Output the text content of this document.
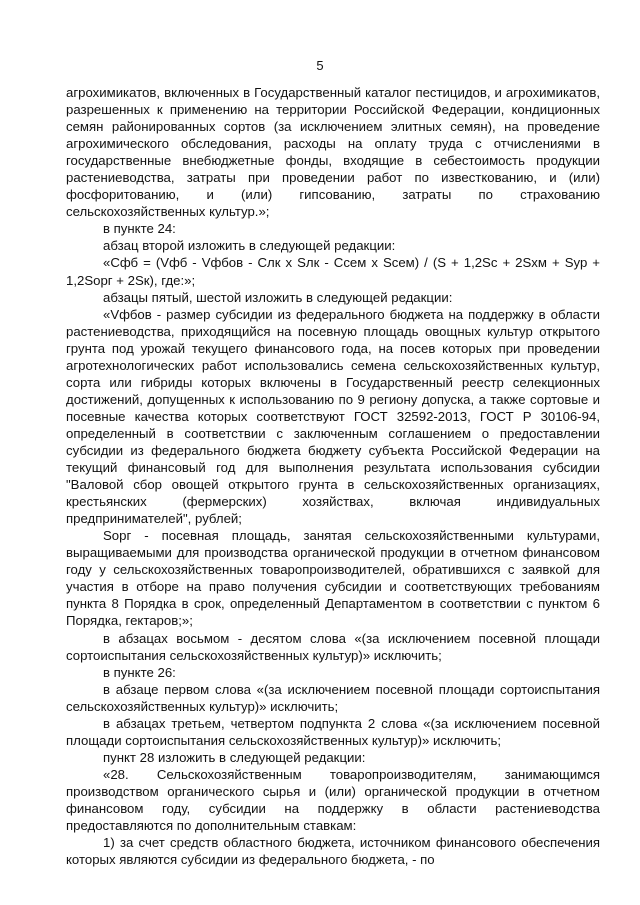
5

агрохимикатов, включенных в Государственный каталог пестицидов, и агрохимикатов, разрешенных к применению на территории Российской Федерации, кондиционных семян районированных сортов (за исключением элитных семян), на проведение агрохимического обследования, расходы на оплату труда с отчислениями в государственные внебюджетные фонды, входящие в себестоимость продукции растениеводства, затраты при проведении работ по известкованию, и (или) фосфоритованию, и (или) гипсованию, затраты по страхованию сельскохозяйственных культур.»;

в пункте 24:

абзац второй изложить в следующей редакции:

«Сфб = (Vфб - Vфбов - Слк x Sлк - Ссем x Sсем) / (S + 1,2Sс + 2Sхм + Sур + 1,2Sорг + 2Sк), где:»;

абзацы пятый, шестой изложить в следующей редакции:

«Vфбов - размер субсидии из федерального бюджета на поддержку в области растениеводства, приходящийся на посевную площадь овощных культур открытого грунта под урожай текущего финансового года, на посев которых при проведении агротехнологических работ использовались семена сельскохозяйственных культур, сорта или гибриды которых включены в Государственный реестр селекционных достижений, допущенных к использованию по 9 региону допуска, а также сортовые и посевные качества которых соответствуют ГОСТ 32592-2013, ГОСТ Р 30106-94, определенный в соответствии с заключенным соглашением о предоставлении субсидии из федерального бюджета бюджету субъекта Российской Федерации на текущий финансовый год для выполнения результата использования субсидии "Валовой сбор овощей открытого грунта в сельскохозяйственных организациях, крестьянских (фермерских) хозяйствах, включая индивидуальных предпринимателей", рублей;

Sорг - посевная площадь, занятая сельскохозяйственными культурами, выращиваемыми для производства органической продукции в отчетном финансовом году у сельскохозяйственных товаропроизводителей, обратившихся с заявкой для участия в отборе на право получения субсидии и соответствующих требованиям пункта 8 Порядка в срок, определенный Департаментом в соответствии с пунктом 6 Порядка, гектаров;»;

в абзацах восьмом - десятом слова «(за исключением посевной площади сортоиспытания сельскохозяйственных культур)» исключить;

в пункте 26:

в абзаце первом слова «(за исключением посевной площади сортоиспытания сельскохозяйственных культур)» исключить;

в абзацах третьем, четвертом подпункта 2 слова «(за исключением посевной площади сортоиспытания сельскохозяйственных культур)» исключить;

пункт 28 изложить в следующей редакции:

«28. Сельскохозяйственным товаропроизводителям, занимающимся производством органического сырья и (или) органической продукции в отчетном финансовом году, субсидии на поддержку в области растениеводства предоставляются по дополнительным ставкам:

1) за счет средств областного бюджета, источником финансового обеспечения которых являются субсидии из федерального бюджета, - по
